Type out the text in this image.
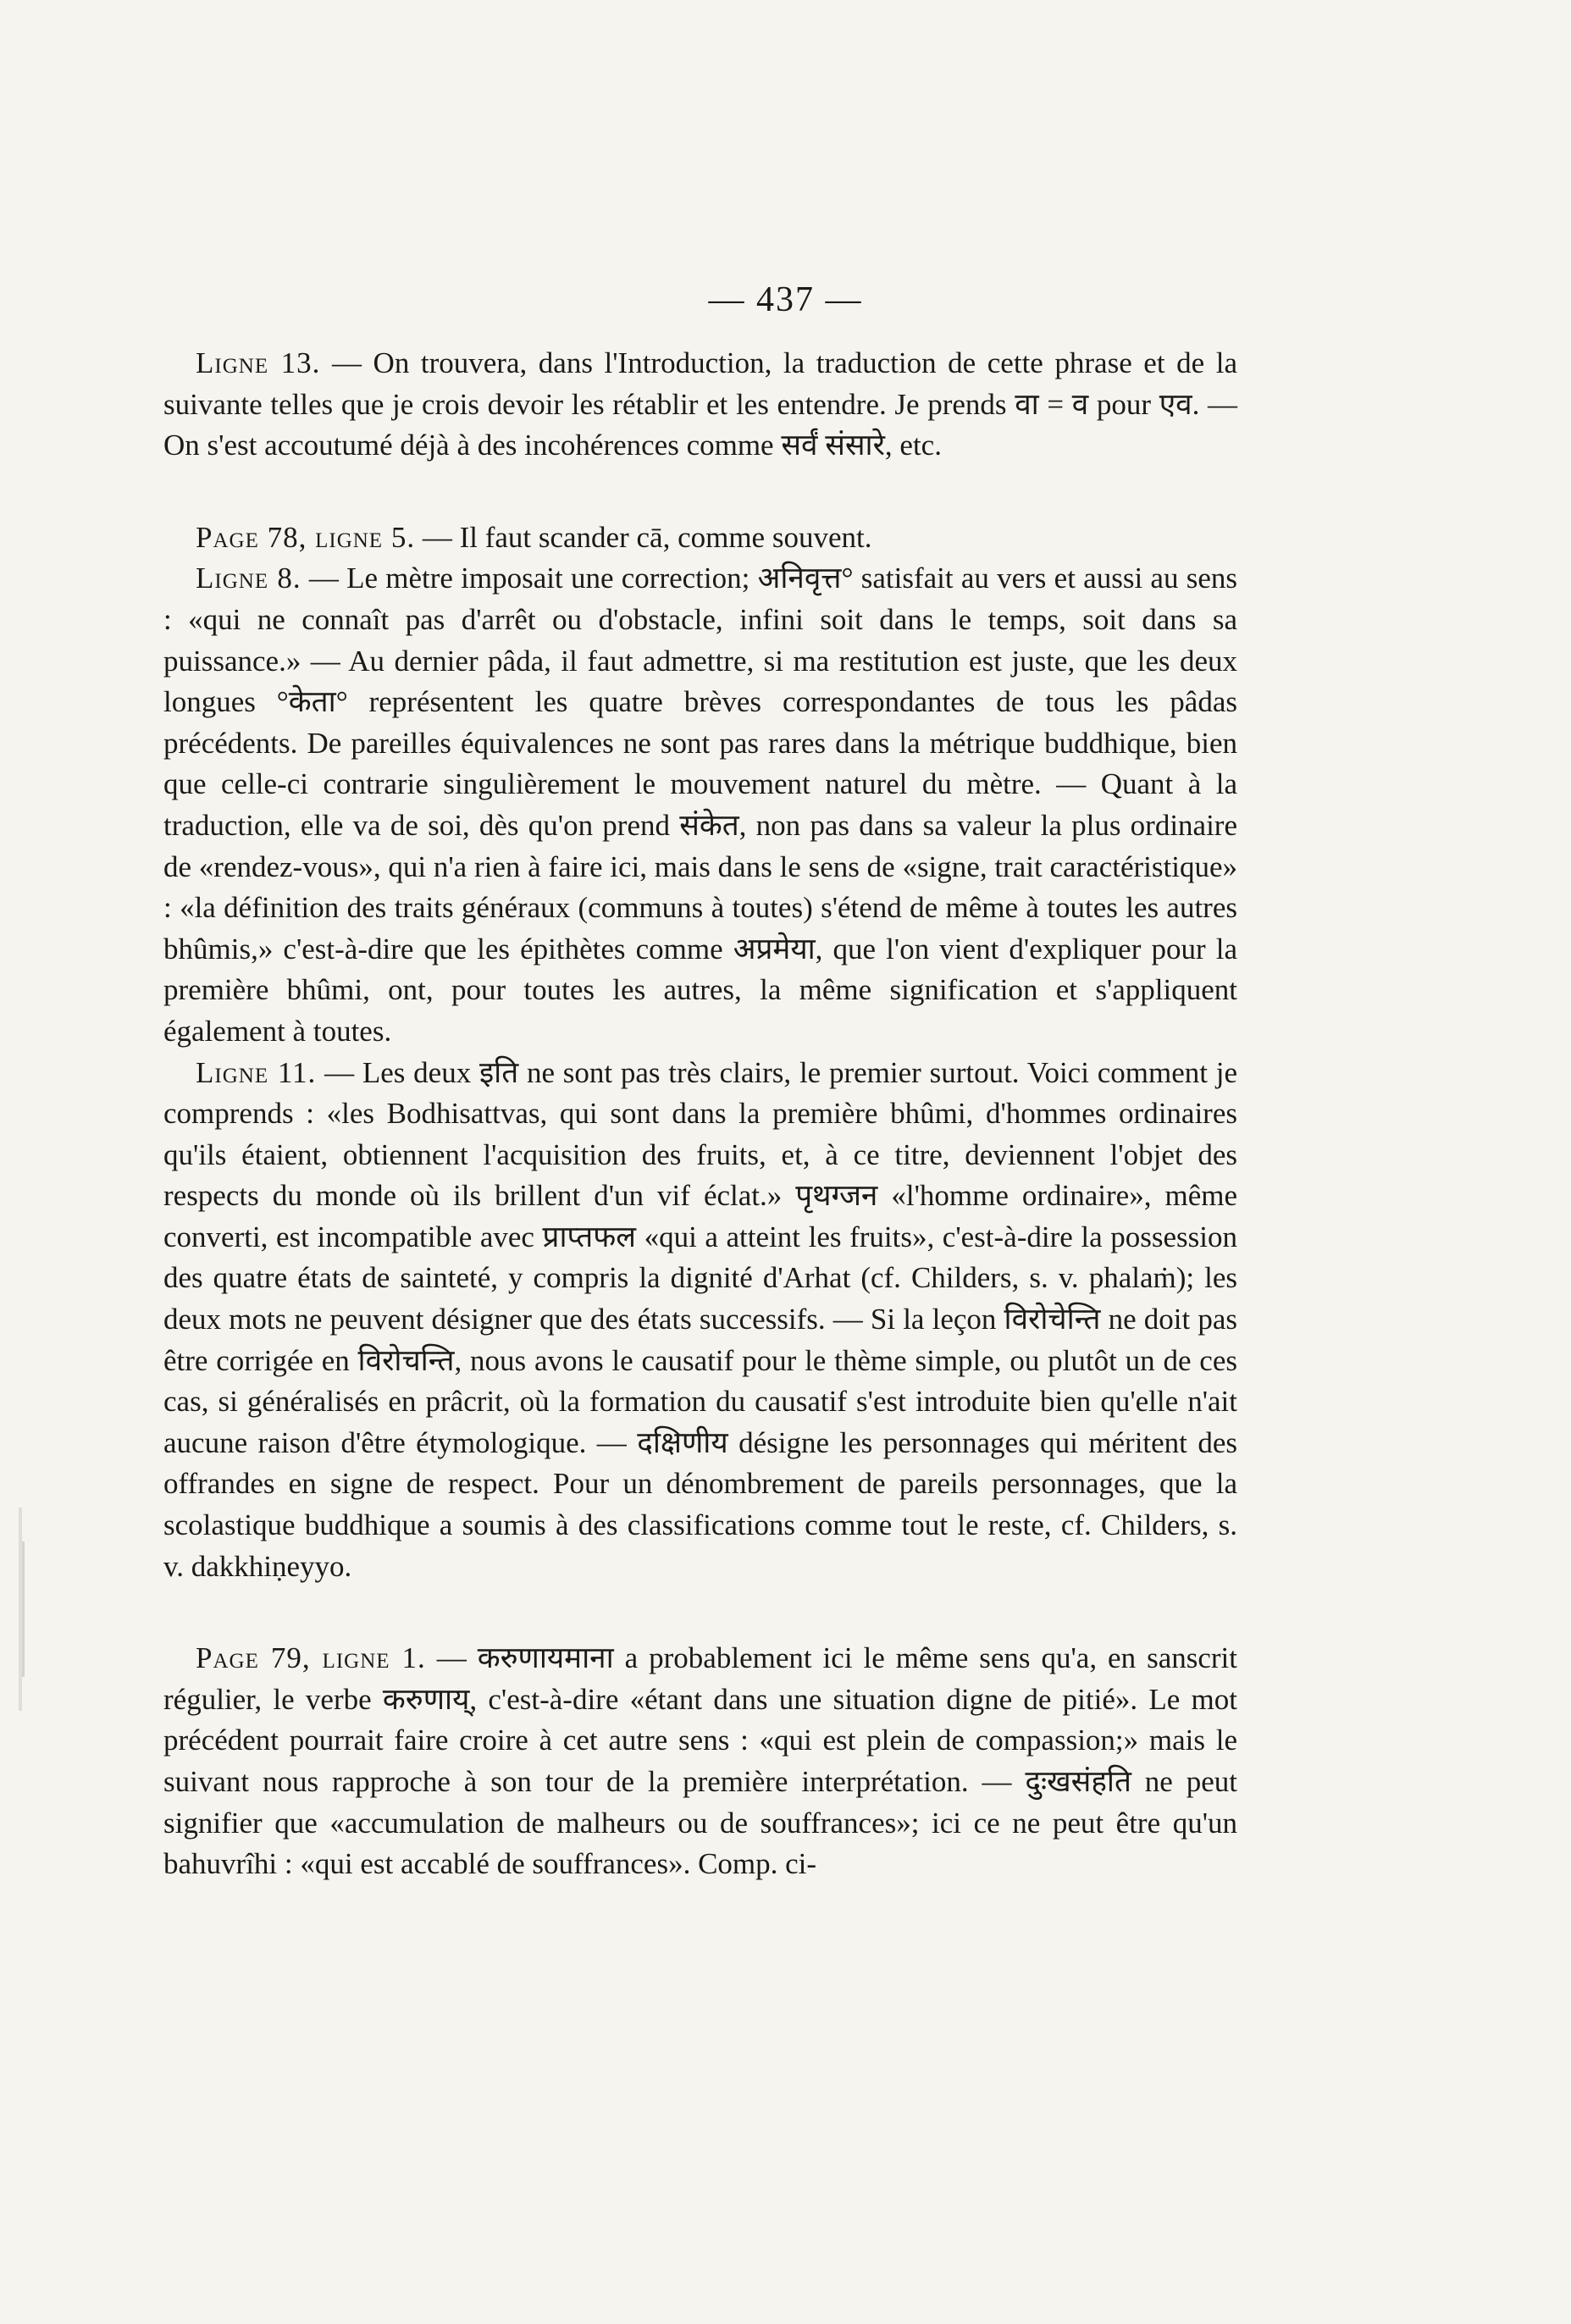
— 437 —

Ligne 13. — On trouvera, dans l'Introduction, la traduction de cette phrase et de la suivante telles que je crois devoir les rétablir et les entendre. Je prends वा = व pour एव. — On s'est accoutumé déjà à des incohérences comme सर्वं संसारे, etc.

Page 78, ligne 5. — Il faut scander cā, comme souvent.

Ligne 8. — Le mètre imposait une correction; अनिवृत्त° satisfait au vers et aussi au sens : «qui ne connaît pas d'arrêt ou d'obstacle, infini soit dans le temps, soit dans sa puissance.» — Au dernier pâda, il faut admettre, si ma restitution est juste, que les deux longues °केता° représentent les quatre brèves correspondantes de tous les pâdas précédents. De pareilles équivalences ne sont pas rares dans la métrique buddhique, bien que celle-ci contrarie singulièrement le mouvement naturel du mètre. — Quant à la traduction, elle va de soi, dès qu'on prend संकेत, non pas dans sa valeur la plus ordinaire de «rendez-vous», qui n'a rien à faire ici, mais dans le sens de «signe, trait caractéristique» : «la définition des traits généraux (communs à toutes) s'étend de même à toutes les autres bhûmis,» c'est-à-dire que les épithètes comme अप्रमेया, que l'on vient d'expliquer pour la première bhûmi, ont, pour toutes les autres, la même signification et s'appliquent également à toutes.

Ligne 11. — Les deux इति ne sont pas très clairs, le premier surtout. Voici comment je comprends : «les Bodhisattvas, qui sont dans la première bhûmi, d'hommes ordinaires qu'ils étaient, obtiennent l'acquisition des fruits, et, à ce titre, deviennent l'objet des respects du monde où ils brillent d'un vif éclat.» पृथग्जन «l'homme ordinaire», même converti, est incompatible avec प्राप्तफल «qui a atteint les fruits», c'est-à-dire la possession des quatre états de sainteté, y compris la dignité d'Arhat (cf. Childers, s. v. phalaṁ); les deux mots ne peuvent désigner que des états successifs. — Si la leçon विरोचेन्ति ne doit pas être corrigée en विरोचन्ति, nous avons le causatif pour le thème simple, ou plutôt un de ces cas, si généralisés en prâcrit, où la formation du causatif s'est introduite bien qu'elle n'ait aucune raison d'être étymologique. — दक्षिणीय désigne les personnages qui méritent des offrandes en signe de respect. Pour un dénombrement de pareils personnages, que la scolastique buddhique a soumis à des classifications comme tout le reste, cf. Childers, s. v. dakkhiṇeyyo.

Page 79, ligne 1. — करुणायमाना a probablement ici le même sens qu'a, en sanscrit régulier, le verbe करुणाय्, c'est-à-dire «étant dans une situation digne de pitié». Le mot précédent pourrait faire croire à cet autre sens : «qui est plein de compassion;» mais le suivant nous rapproche à son tour de la première interprétation. — दुःखसंहति ne peut signifier que «accumulation de malheurs ou de souffrances»; ici ce ne peut être qu'un bahuvrîhi : «qui est accablé de souffrances». Comp. ci-
